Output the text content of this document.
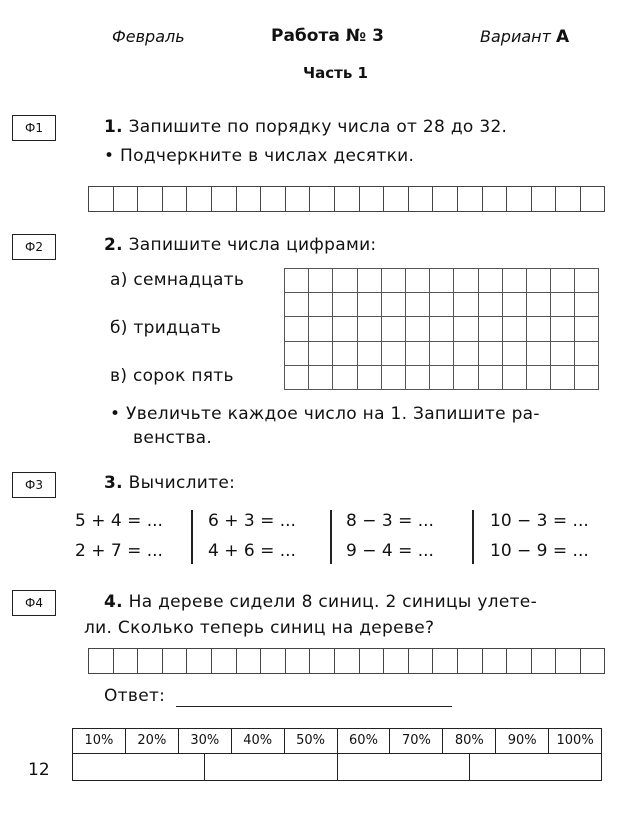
Февраль	Работа № 3	Вариант А
Часть 1
Ф1	1. Запишите по порядку числа от 28 до 32.
• Подчеркните в числах десятки.
Ф2	2. Запишите числа цифрами:
а) семнадцать
б) тридцать
в) сорок пять
• Увеличьте каждое число на 1. Запишите ра-
венства.
Ф3	3. Вычислите:
5 + 4 = ...	6 + 3 = ...	8 − 3 = ...	10 − 3 = ...
2 + 7 = ...	4 + 6 = ...	9 − 4 = ...	10 − 9 = ...
Ф4	4. На дереве сидели 8 синиц. 2 синицы улете-
ли. Сколько теперь синиц на дереве?
Ответ:
10%	20%	30%	40%	50%	60%	70%	80%	90%	100%
12
